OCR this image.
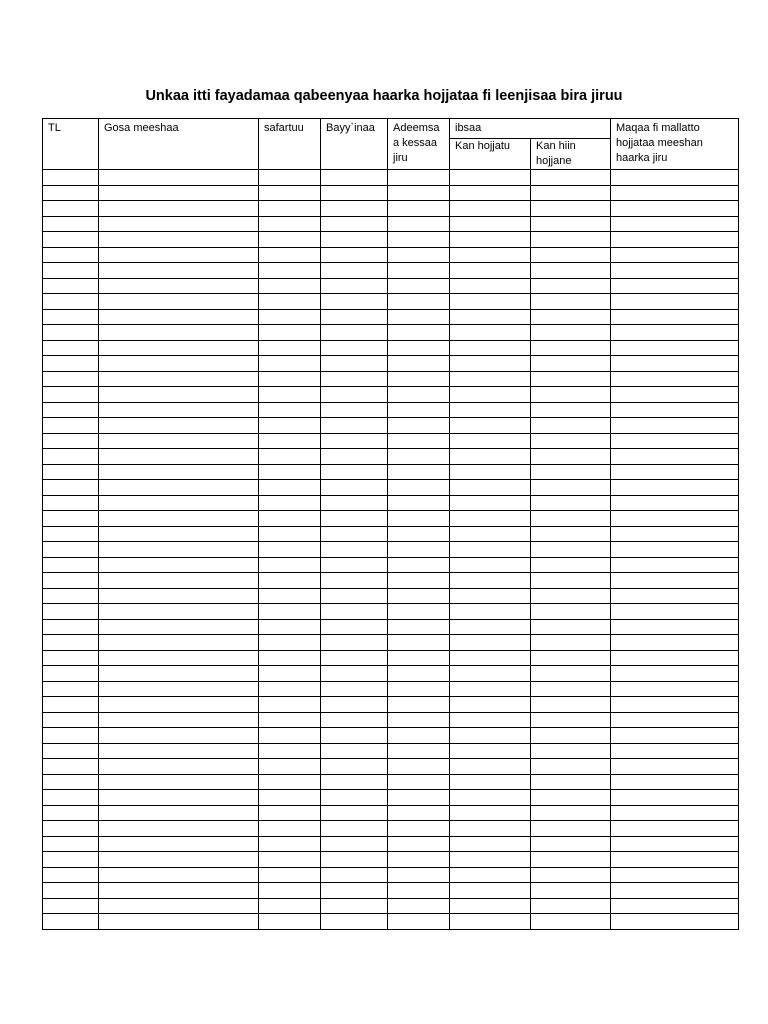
Unkaa itti fayadamaa qabeenyaa haarka hojjataa fi leenjisaa bira jiruu
TL	Gosa meeshaa	safartuu	Bayy`inaa	Adeemsa a kessaa jiru	ibsaa		Maqaa fi mallatto hojjataa meeshan haarka jiru
					Kan hojjatu	Kan hiin hojjane	
